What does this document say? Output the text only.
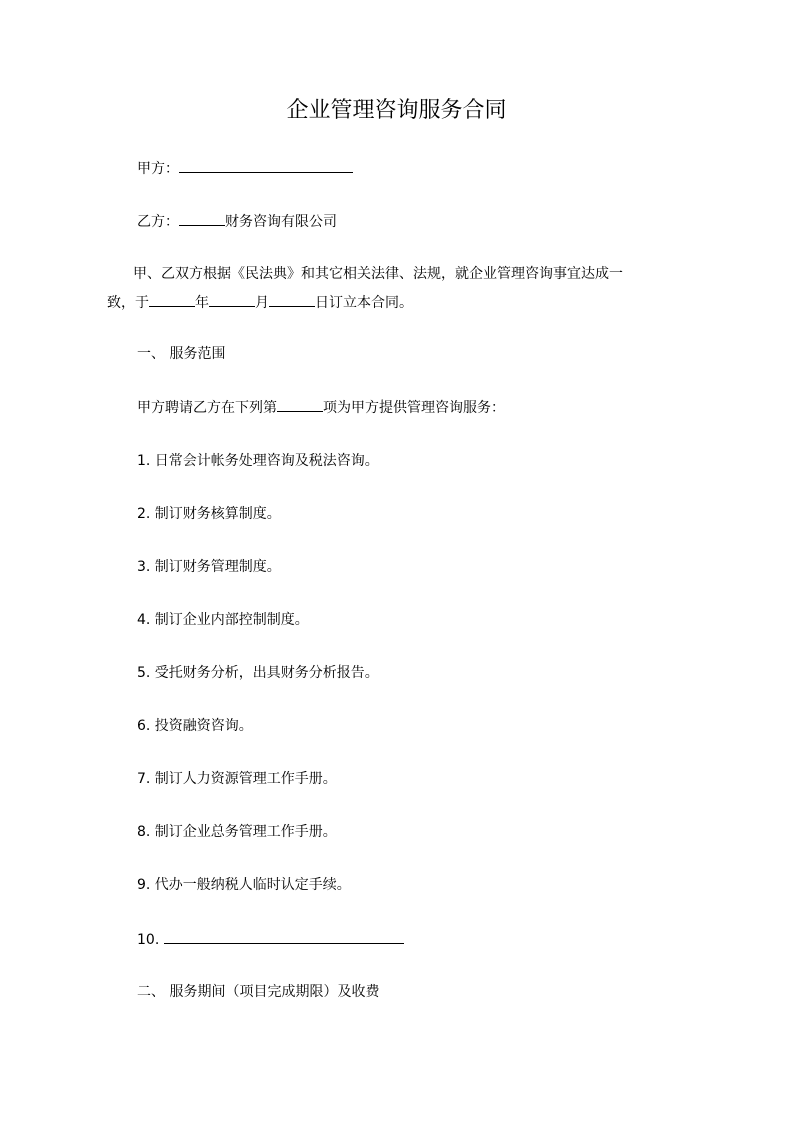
企业管理咨询服务合同
甲方：
乙方：	财务咨询有限公司
甲、乙双方根据《民法典》和其它相关法律、法规，就企业管理咨询事宜达成一
致，于	年	月	日订立本合同。
一、 服务范围
甲方聘请乙方在下列第	项为甲方提供管理咨询服务：
1. 日常会计帐务处理咨询及税法咨询。
2. 制订财务核算制度。
3. 制订财务管理制度。
4. 制订企业内部控制制度。
5. 受托财务分析，出具财务分析报告。
6. 投资融资咨询。
7. 制订人力资源管理工作手册。
8. 制订企业总务管理工作手册。
9. 代办一般纳税人临时认定手续。
10.
二、 服务期间（项目完成期限）及收费
